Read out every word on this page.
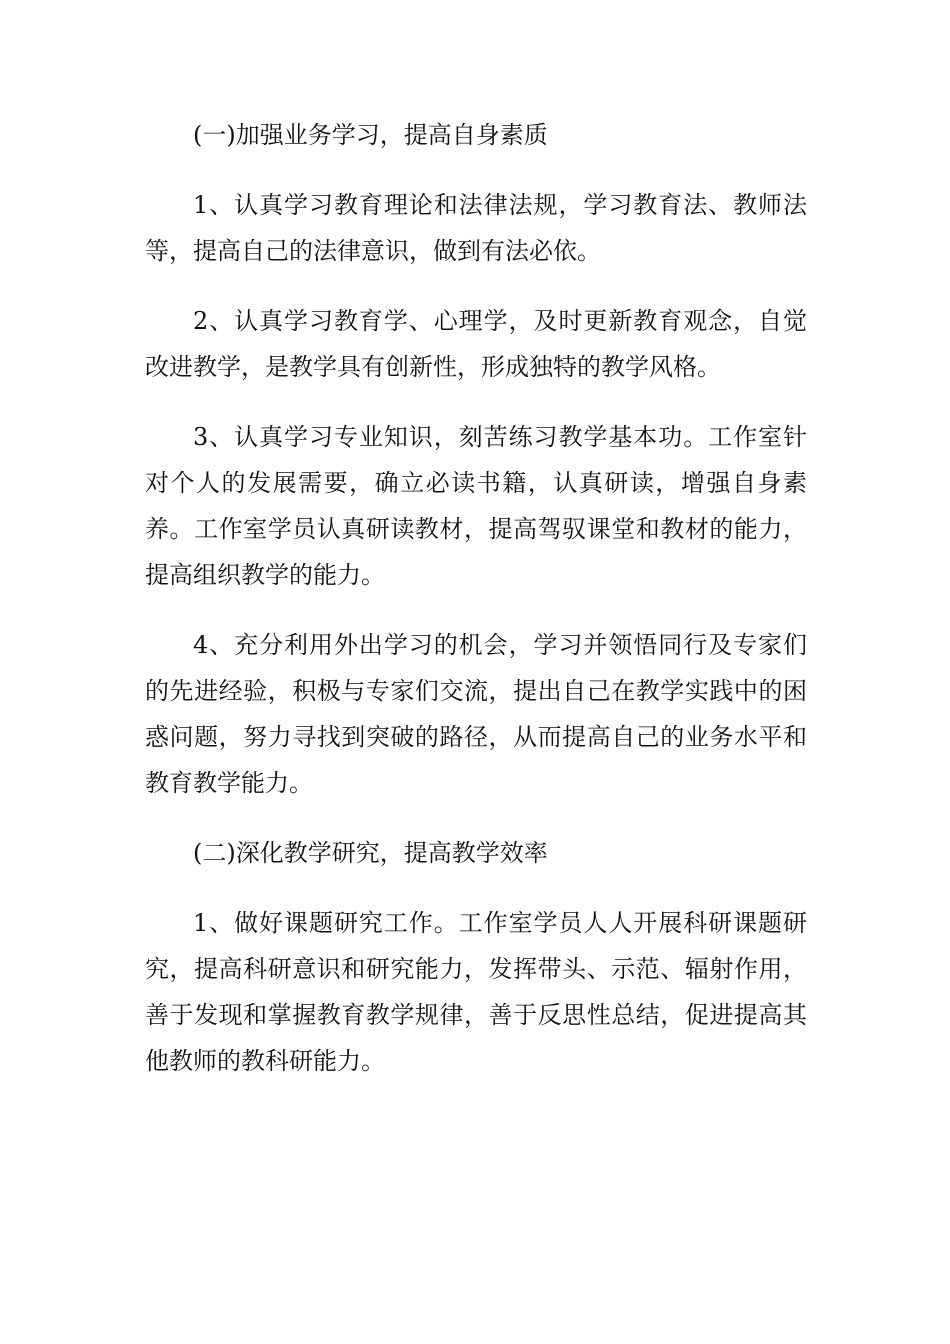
(一)加强业务学习，提高自身素质

1、认真学习教育理论和法律法规，学习教育法、教师法等，提高自己的法律意识，做到有法必依。

2、认真学习教育学、心理学，及时更新教育观念，自觉改进教学，是教学具有创新性，形成独特的教学风格。

3、认真学习专业知识，刻苦练习教学基本功。工作室针对个人的发展需要，确立必读书籍，认真研读，增强自身素养。工作室学员认真研读教材，提高驾驭课堂和教材的能力，提高组织教学的能力。

4、充分利用外出学习的机会，学习并领悟同行及专家们的先进经验，积极与专家们交流，提出自己在教学实践中的困惑问题，努力寻找到突破的路径，从而提高自己的业务水平和教育教学能力。

(二)深化教学研究，提高教学效率

1、做好课题研究工作。工作室学员人人开展科研课题研究，提高科研意识和研究能力，发挥带头、示范、辐射作用，善于发现和掌握教育教学规律，善于反思性总结，促进提高其他教师的教科研能力。
